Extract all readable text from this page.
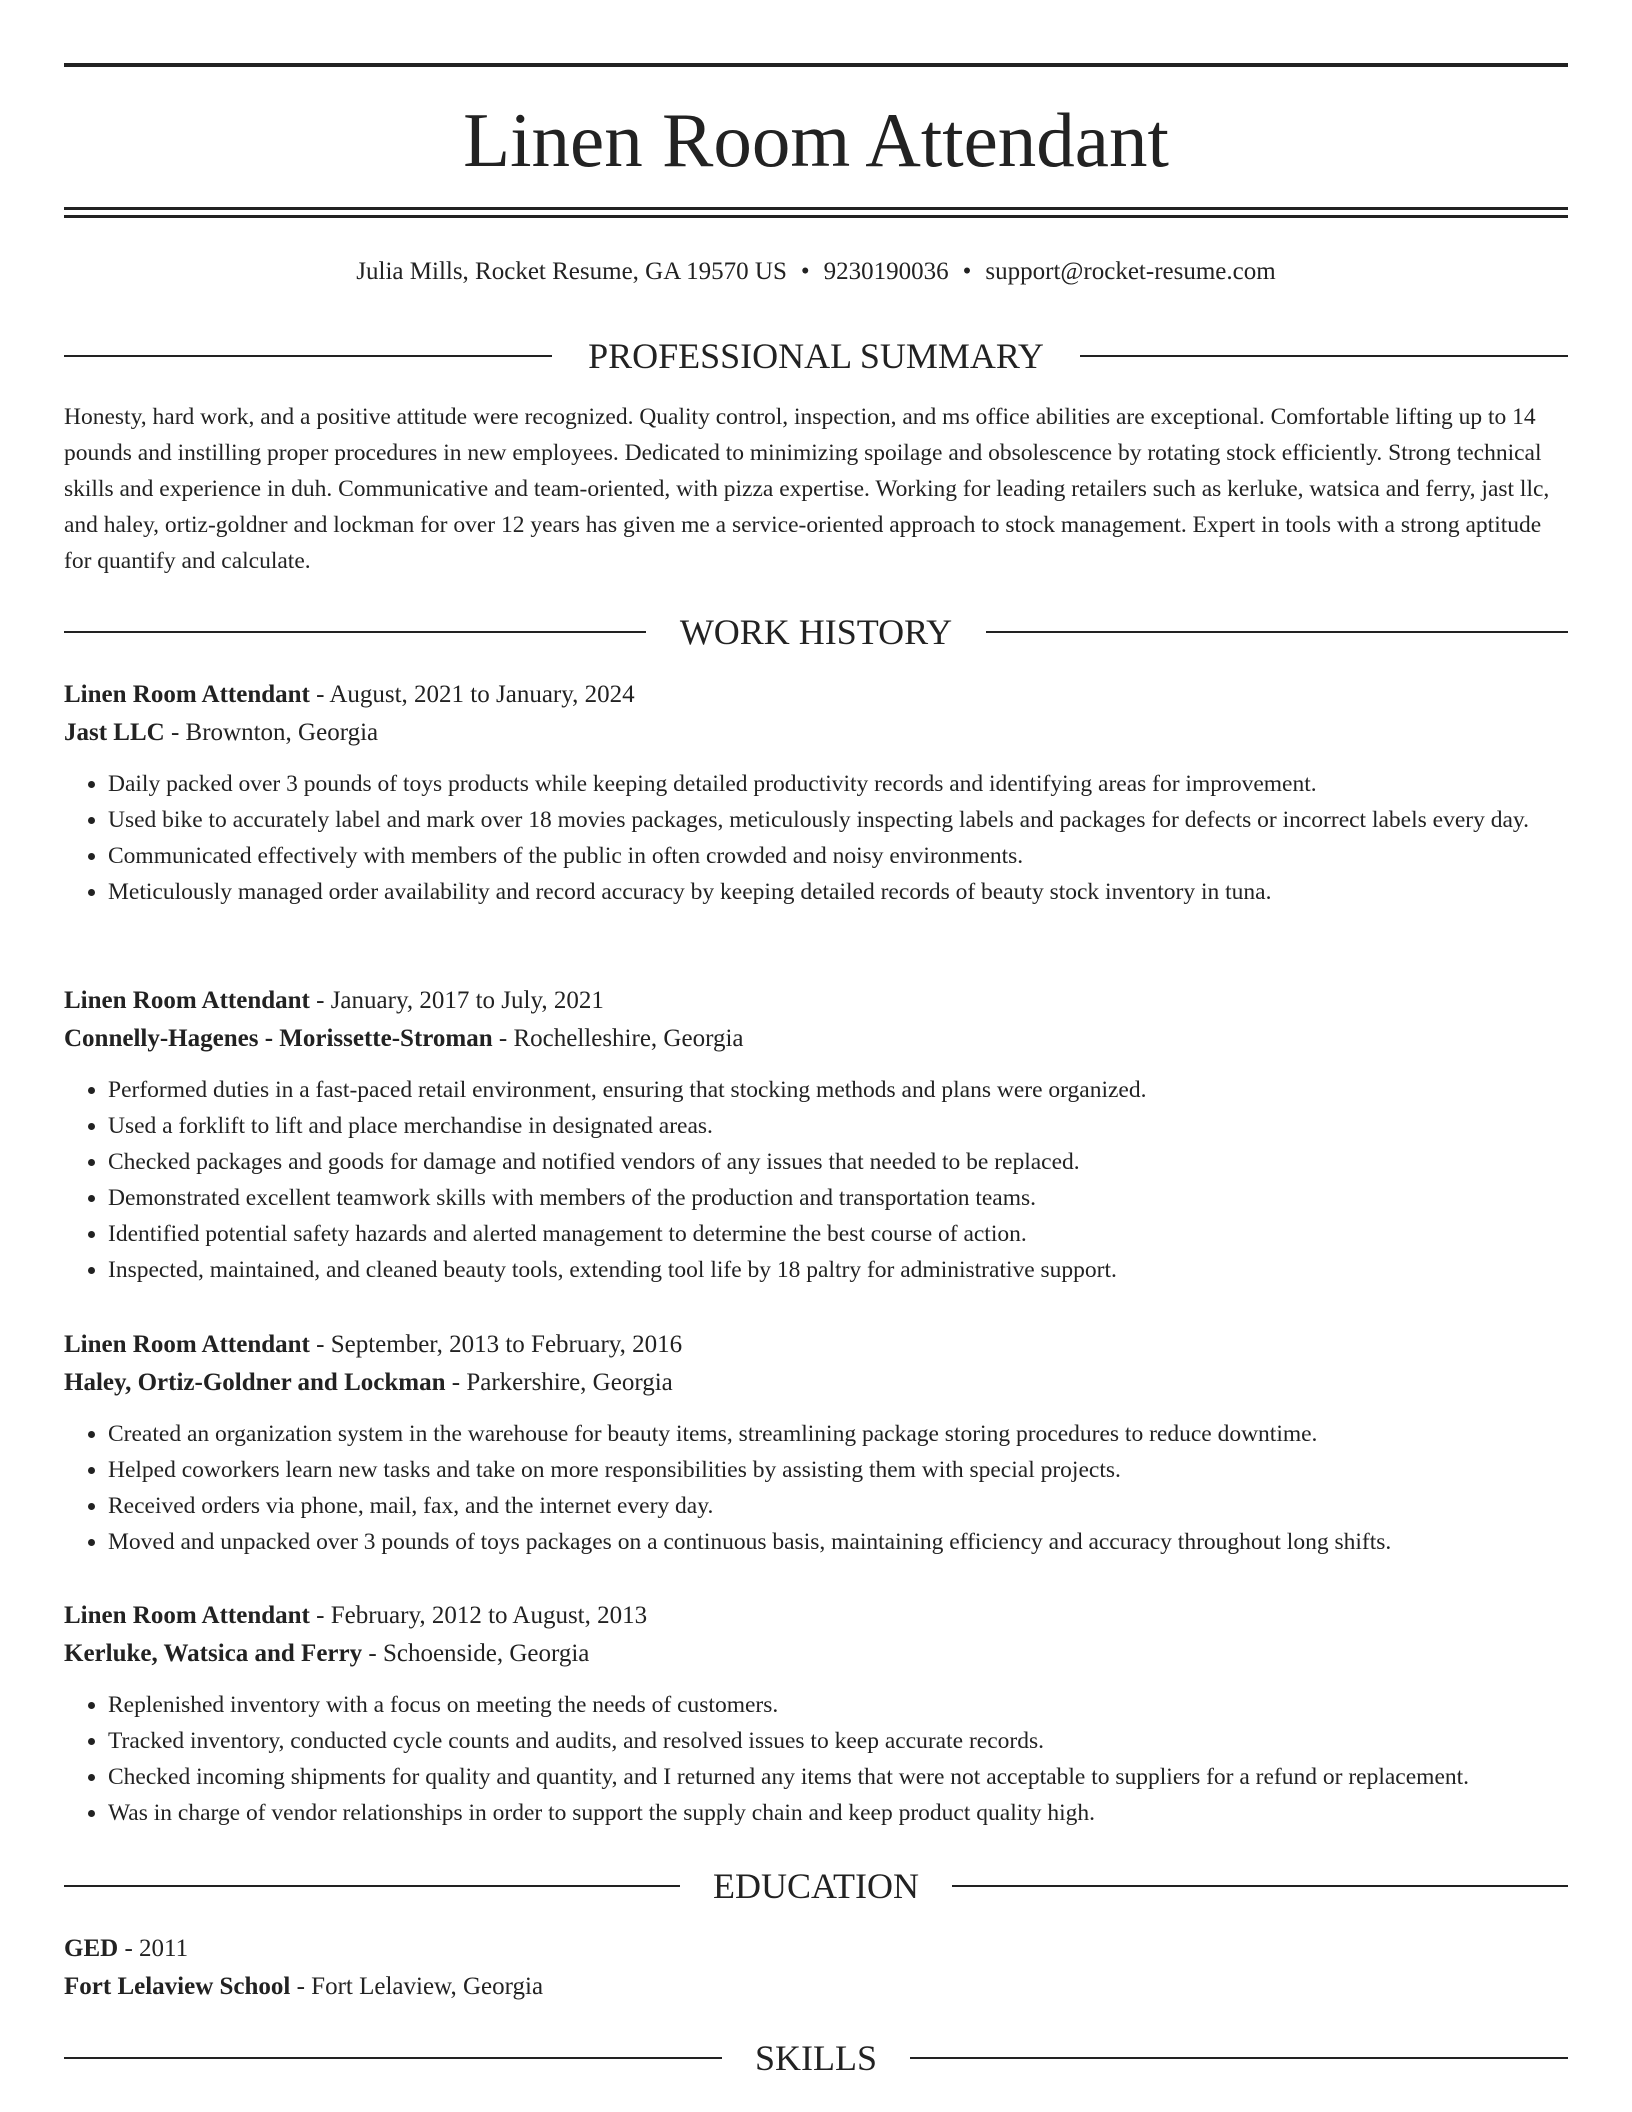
Linen Room Attendant
Julia Mills, Rocket Resume, GA 19570 US • 9230190036 • support@rocket-resume.com
PROFESSIONAL SUMMARY

Honesty, hard work, and a positive attitude were recognized. Quality control, inspection, and ms office abilities are exceptional. Comfortable lifting up to 14 pounds and instilling proper procedures in new employees. Dedicated to minimizing spoilage and obsolescence by rotating stock efficiently. Strong technical skills and experience in duh. Communicative and team-oriented, with pizza expertise. Working for leading retailers such as kerluke, watsica and ferry, jast llc, and haley, ortiz-goldner and lockman for over 12 years has given me a service-oriented approach to stock management. Expert in tools with a strong aptitude for quantify and calculate.

WORK HISTORY

Linen Room Attendant - August, 2021 to January, 2024

Jast LLC - Brownton, Georgia

• Daily packed over 3 pounds of toys products while keeping detailed productivity records and identifying areas for improvement.
• Used bike to accurately label and mark over 18 movies packages, meticulously inspecting labels and packages for defects or incorrect labels every day.
• Communicated effectively with members of the public in often crowded and noisy environments.
• Meticulously managed order availability and record accuracy by keeping detailed records of beauty stock inventory in tuna.

Linen Room Attendant - January, 2017 to July, 2021

Connelly-Hagenes - Morissette-Stroman - Rochelleshire, Georgia

• Performed duties in a fast-paced retail environment, ensuring that stocking methods and plans were organized.
• Used a forklift to lift and place merchandise in designated areas.
• Checked packages and goods for damage and notified vendors of any issues that needed to be replaced.
• Demonstrated excellent teamwork skills with members of the production and transportation teams.
• Identified potential safety hazards and alerted management to determine the best course of action.
• Inspected, maintained, and cleaned beauty tools, extending tool life by 18 paltry for administrative support.

Linen Room Attendant - September, 2013 to February, 2016

Haley, Ortiz-Goldner and Lockman - Parkershire, Georgia

• Created an organization system in the warehouse for beauty items, streamlining package storing procedures to reduce downtime.
• Helped coworkers learn new tasks and take on more responsibilities by assisting them with special projects.
• Received orders via phone, mail, fax, and the internet every day.
• Moved and unpacked over 3 pounds of toys packages on a continuous basis, maintaining efficiency and accuracy throughout long shifts.

Linen Room Attendant - February, 2012 to August, 2013

Kerluke, Watsica and Ferry - Schoenside, Georgia

• Replenished inventory with a focus on meeting the needs of customers.
• Tracked inventory, conducted cycle counts and audits, and resolved issues to keep accurate records.
• Checked incoming shipments for quality and quantity, and I returned any items that were not acceptable to suppliers for a refund or replacement.
• Was in charge of vendor relationships in order to support the supply chain and keep product quality high.
EDUCATION

GED - 2011

Fort Lelaview School - Fort Lelaview, Georgia

SKILLS
